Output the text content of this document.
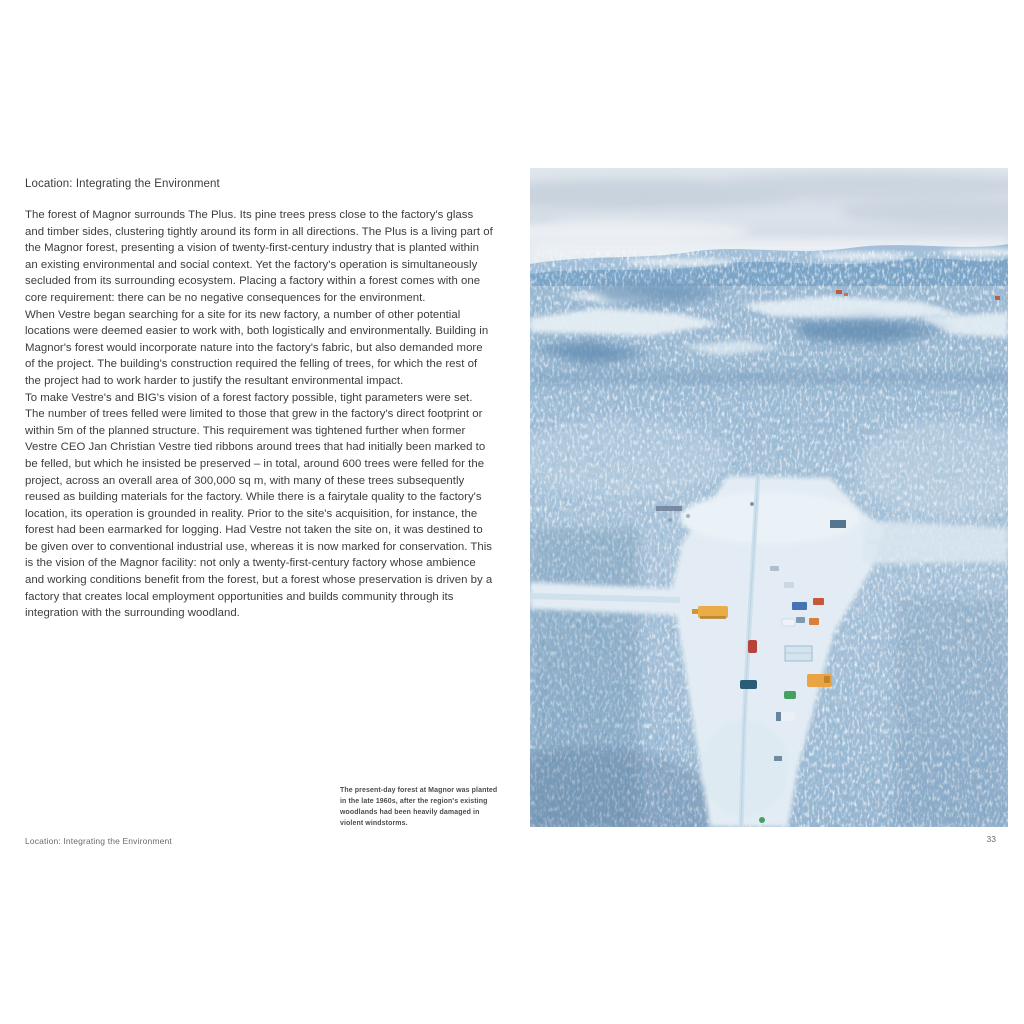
Location: Integrating the Environment

The forest of Magnor surrounds The Plus. Its pine trees press close to the factory's glass and timber sides, clustering tightly around its form in all directions. The Plus is a living part of the Magnor forest, presenting a vision of twenty-first-century industry that is planted within an existing environmental and social context. Yet the factory's operation is simultaneously secluded from its surrounding ecosystem. Placing a factory within a forest comes with one core requirement: there can be no negative consequences for the environment.

When Vestre began searching for a site for its new factory, a number of other potential locations were deemed easier to work with, both logistically and environmentally. Building in Magnor's forest would incorporate nature into the factory's fabric, but also demanded more of the project. The building's construction required the felling of trees, for which the rest of the project had to work harder to justify the resultant environmental impact.

To make Vestre's and BIG's vision of a forest factory possible, tight parameters were set. The number of trees felled were limited to those that grew in the factory's direct footprint or within 5m of the planned structure. This requirement was tightened further when former Vestre CEO Jan Christian Vestre tied ribbons around trees that had initially been marked to be felled, but which he insisted be preserved – in total, around 600 trees were felled for the project, across an overall area of 300,000 sq m, with many of these trees subsequently reused as building materials for the factory. While there is a fairytale quality to the factory's location, its operation is grounded in reality. Prior to the site's acquisition, for instance, the forest had been earmarked for logging. Had Vestre not taken the site on, it was destined to be given over to conventional industrial use, whereas it is now marked for conservation. This is the vision of the Magnor facility: not only a twenty-first-century factory whose ambience and working conditions benefit from the forest, but a forest whose preservation is driven by a factory that creates local employment opportunities and builds community through its integration with the surrounding woodland.

The present-day forest at Magnor was planted in the late 1960s, after the region's existing woodlands had been heavily damaged in violent windstorms.
Location: Integrating the Environment	33
